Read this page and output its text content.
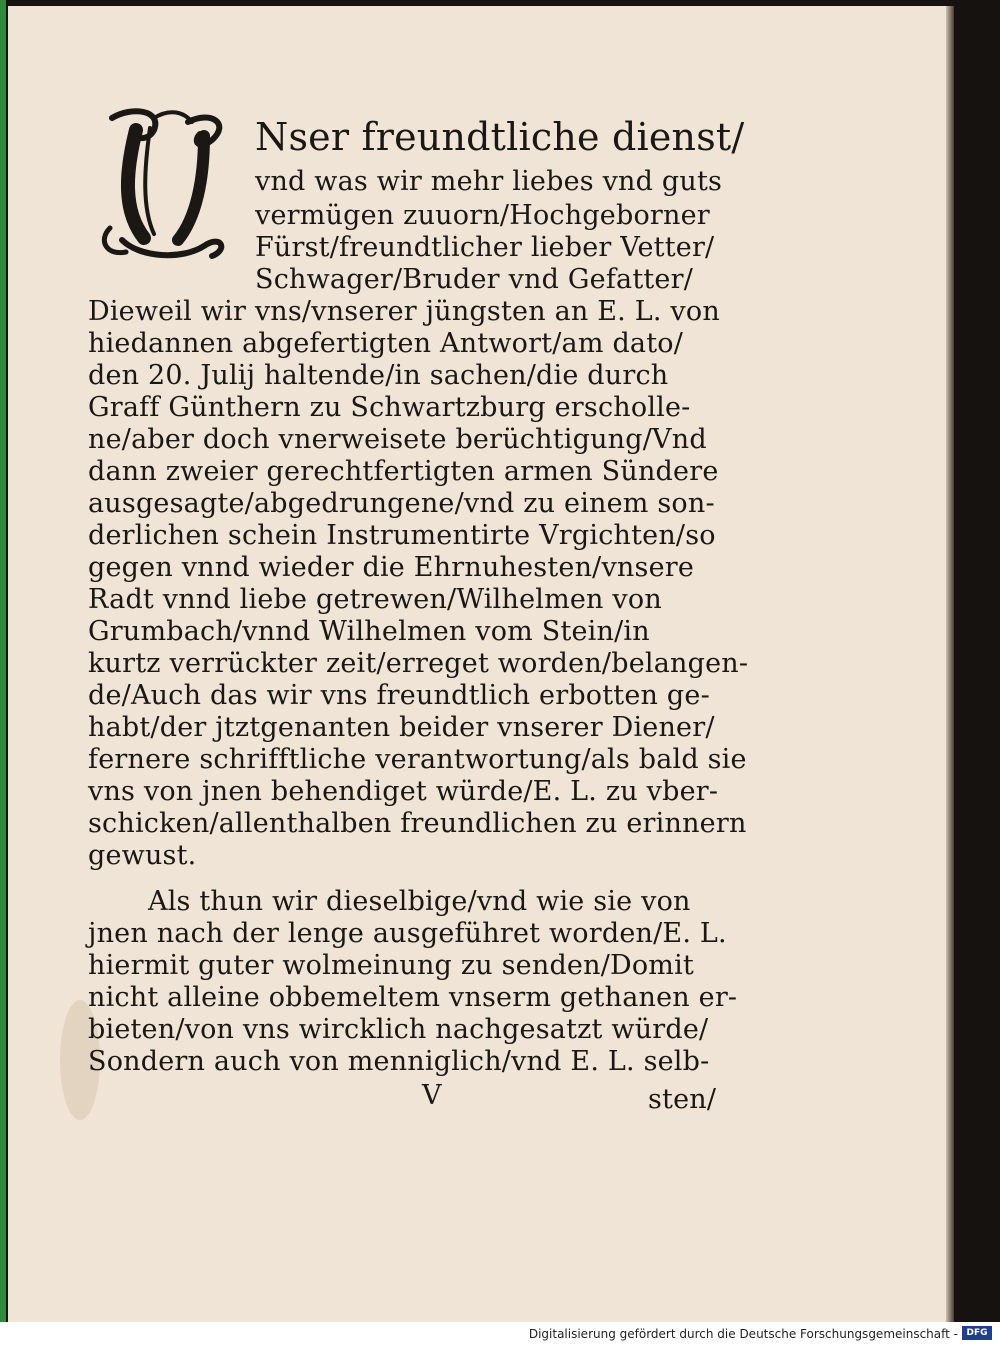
Nser freundtliche dienst/
vnd was wir mehr liebes vnd guts
vermügen zuuorn/Hochgeborner
Fürst/freundtlicher lieber Vetter/
Schwager/Bruder vnd Gefatter/
Dieweil wir vns/vnserer jüngsten an E. L. von
hiedannen abgefertigten Antwort/am dato/
den 20. Julij haltende/in sachen/die durch
Graff Günthern zu Schwartzburg erscholle-
ne/aber doch vnerweisete berüchtigung/Vnd
dann zweier gerechtfertigten armen Sündere
ausgesagte/abgedrungene/vnd zu einem son-
derlichen schein Instrumentirte Vrgichten/so
gegen vnnd wieder die Ehrnuhesten/vnsere
Radt vnnd liebe getrewen/Wilhelmen von
Grumbach/vnnd Wilhelmen vom Stein/in
kurtz verrückter zeit/erreget worden/belangen-
de/Auch das wir vns freundtlich erbotten ge-
habt/der jtztgenanten beider vnserer Diener/
fernere schrifftliche verantwortung/als bald sie
vns von jnen behendiget würde/E. L. zu vber-
schicken/allenthalben freundlichen zu erinnern
gewust.
Als thun wir dieselbige/vnd wie sie von
jnen nach der lenge ausgeführet worden/E. L.
hiermit guter wolmeinung zu senden/Domit
nicht alleine obbemeltem vnserm gethanen er-
bieten/von vns wircklich nachgesatzt würde/
Sondern auch von menniglich/vnd E. L. selb-
V	sten/
Digitalisierung gefördert durch die Deutsche Forschungsgemeinschaft - DFG
